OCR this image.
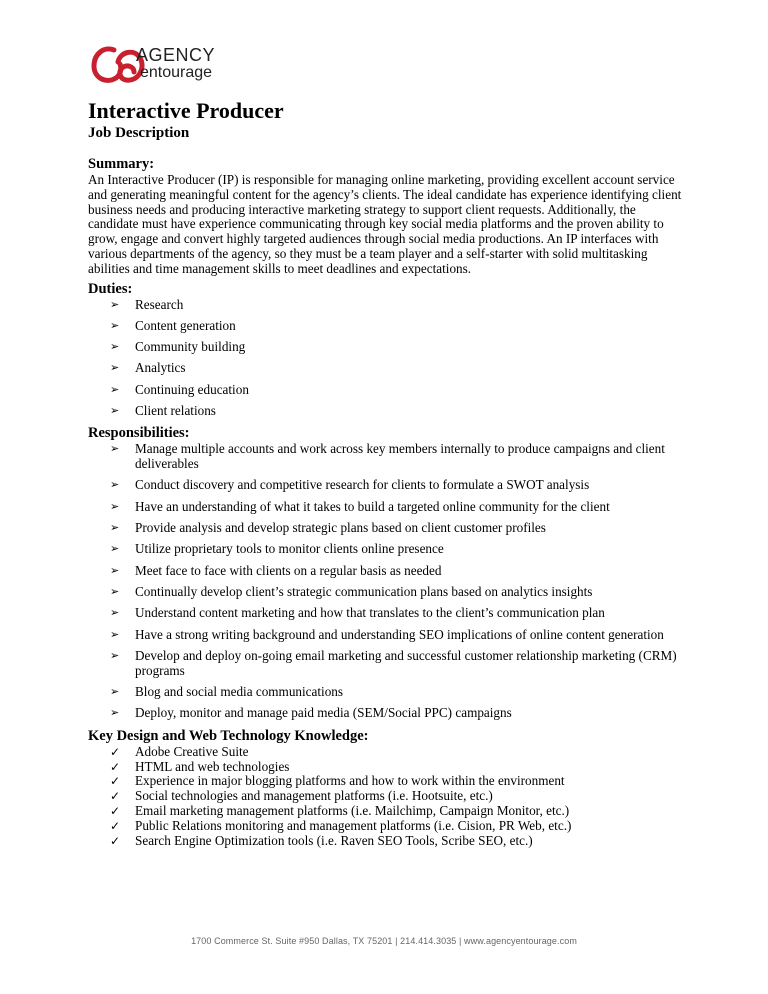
AGENCY
entourage
Interactive Producer
Job Description

Summary:

An Interactive Producer (IP) is responsible for managing online marketing, providing excellent account service and generating meaningful content for the agency’s clients. The ideal candidate has experience identifying client business needs and producing interactive marketing strategy to support client requests. Additionally, the candidate must have experience communicating through key social media platforms and the proven ability to grow, engage and convert highly targeted audiences through social media productions. An IP interfaces with various departments of the agency, so they must be a team player and a self-starter with solid multitasking abilities and time management skills to meet deadlines and expectations.

Duties:

➢ Research
➢ Content generation
➢ Community building
➢ Analytics
➢ Continuing education
➢ Client relations

Responsibilities:

➢ Manage multiple accounts and work across key members internally to produce campaigns and client deliverables
➢ Conduct discovery and competitive research for clients to formulate a SWOT analysis
➢ Have an understanding of what it takes to build a targeted online community for the client
➢ Provide analysis and develop strategic plans based on client customer profiles
➢ Utilize proprietary tools to monitor clients online presence
➢ Meet face to face with clients on a regular basis as needed
➢ Continually develop client’s strategic communication plans based on analytics insights
➢ Understand content marketing and how that translates to the client’s communication plan
➢ Have a strong writing background and understanding SEO implications of online content generation
➢ Develop and deploy on-going email marketing and successful customer relationship marketing (CRM) programs
➢ Blog and social media communications
➢ Deploy, monitor and manage paid media (SEM/Social PPC) campaigns

Key Design and Web Technology Knowledge:

✓ Adobe Creative Suite
✓ HTML and web technologies
✓ Experience in major blogging platforms and how to work within the environment
✓ Social technologies and management platforms (i.e. Hootsuite, etc.)
✓ Email marketing management platforms (i.e. Mailchimp, Campaign Monitor, etc.)
✓ Public Relations monitoring and management platforms (i.e. Cision, PR Web, etc.)
✓ Search Engine Optimization tools (i.e. Raven SEO Tools, Scribe SEO, etc.)
1700 Commerce St. Suite #950 Dallas, TX 75201 | 214.414.3035 | www.agencyentourage.com
